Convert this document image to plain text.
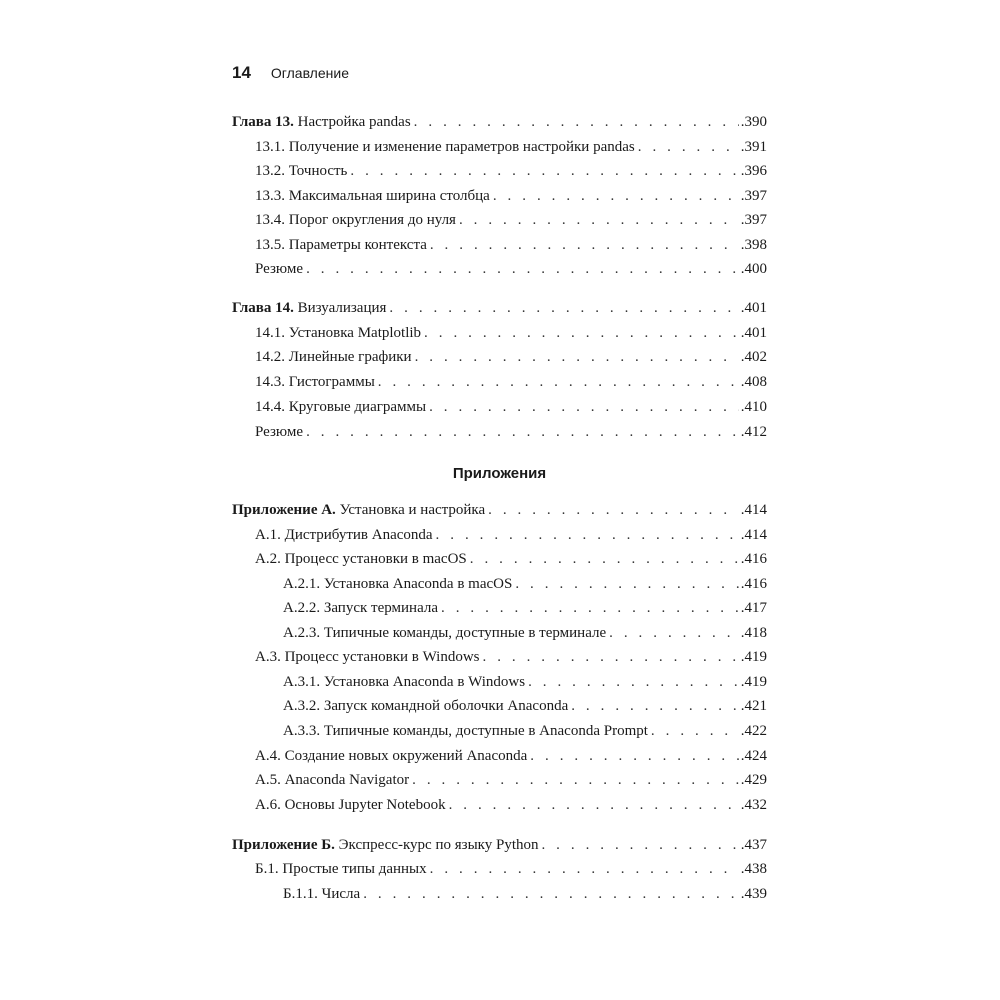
14 Оглавление
Глава 13. Настройка pandas . . .	.390
13.1. Получение и изменение параметров настройки pandas . . .	.391
13.2. Точность . . .	.396
13.3. Максимальная ширина столбца . . .	.397
13.4. Порог округления до нуля . . .	.397
13.5. Параметры контекста . . .	.398
Резюме . . .	.400
Глава 14. Визуализация . . .	.401
14.1. Установка Matplotlib . . .	.401
14.2. Линейные графики . . .	.402
14.3. Гистограммы . . .	.408
14.4. Круговые диаграммы . . .	.410
Резюме . . .	.412
Приложение А. Установка и настройка . . .	.414
А.1. Дистрибутив Anaconda . . .	.414
А.2. Процесс установки в macOS . . .	.416
А.2.1. Установка Anaconda в macOS . . .	.416
А.2.2. Запуск терминала . . .	.417
А.2.3. Типичные команды, доступные в терминале . . .	.418
А.3. Процесс установки в Windows . . .	.419
А.3.1. Установка Anaconda в Windows . . .	.419
А.3.2. Запуск командной оболочки Anaconda . . .	.421
А.3.3. Типичные команды, доступные в Anaconda Prompt . . .	.422
А.4. Создание новых окружений Anaconda . . .	.424
А.5. Anaconda Navigator . . .	.429
А.6. Основы Jupyter Notebook . . .	.432
Приложение Б. Экспресс-курс по языку Python . . .	.437
Б.1. Простые типы данных . . .	.438
Б.1.1. Числа . . .	.439
Приложения
